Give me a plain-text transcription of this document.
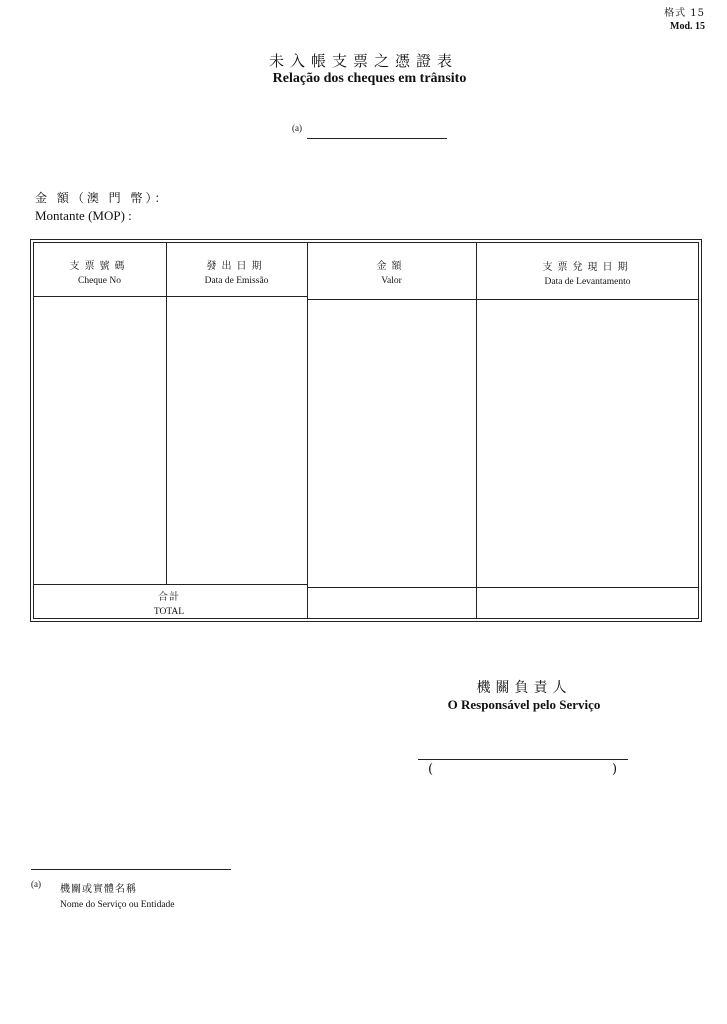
格式 15
Mod. 15
未入帳支票之憑證表
Relação dos cheques em trânsito
(a)
金 額（澳 門 幣）：
Montante (MOP) :
支票號碼
Cheque No
發出日期
Data de Emissão
金額
Valor
支票兌現日期
Data de Levantamento
合計
TOTAL
機關負責人
O Responsável pelo Serviço
(	)
(a) 機關或實體名稱
Nome do Serviço ou Entidade
